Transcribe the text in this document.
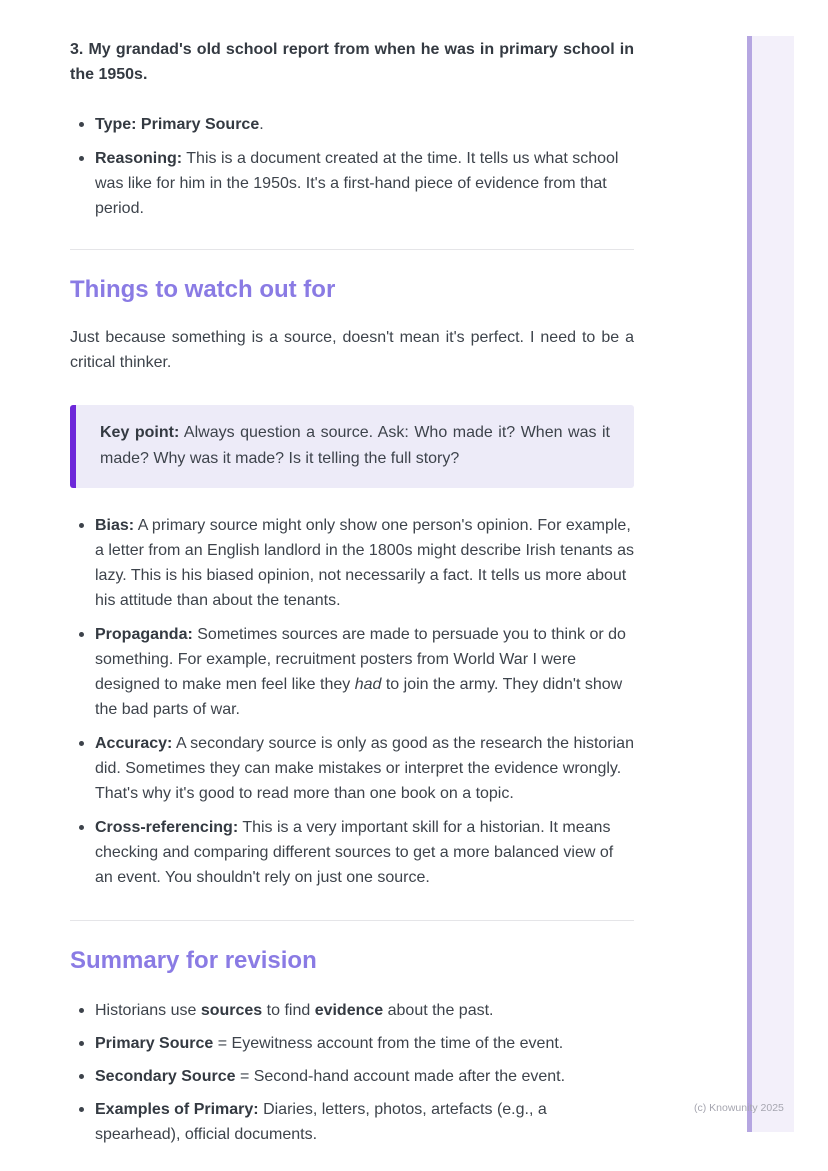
3. My grandad's old school report from when he was in primary school in the 1950s.

Type: Primary Source.
Reasoning: This is a document created at the time. It tells us what school was like for him in the 1950s. It's a first-hand piece of evidence from that period.
Things to watch out for

Just because something is a source, doesn't mean it's perfect. I need to be a critical thinker.

Key point: Always question a source. Ask: Who made it? When was it made? Why was it made? Is it telling the full story?

Bias: A primary source might only show one person's opinion. For example, a letter from an English landlord in the 1800s might describe Irish tenants as lazy. This is his biased opinion, not necessarily a fact. It tells us more about his attitude than about the tenants.
Propaganda: Sometimes sources are made to persuade you to think or do something. For example, recruitment posters from World War I were designed to make men feel like they had to join the army. They didn't show the bad parts of war.
Accuracy: A secondary source is only as good as the research the historian did. Sometimes they can make mistakes or interpret the evidence wrongly. That's why it's good to read more than one book on a topic.
Cross-referencing: This is a very important skill for a historian. It means checking and comparing different sources to get a more balanced view of an event. You shouldn't rely on just one source.
Summary for revision
Historians use sources to find evidence about the past.
Primary Source = Eyewitness account from the time of the event.
Secondary Source = Second-hand account made after the event.
Examples of Primary: Diaries, letters, photos, artefacts (e.g., a spearhead), official documents.
(c) Knowunity 2025
